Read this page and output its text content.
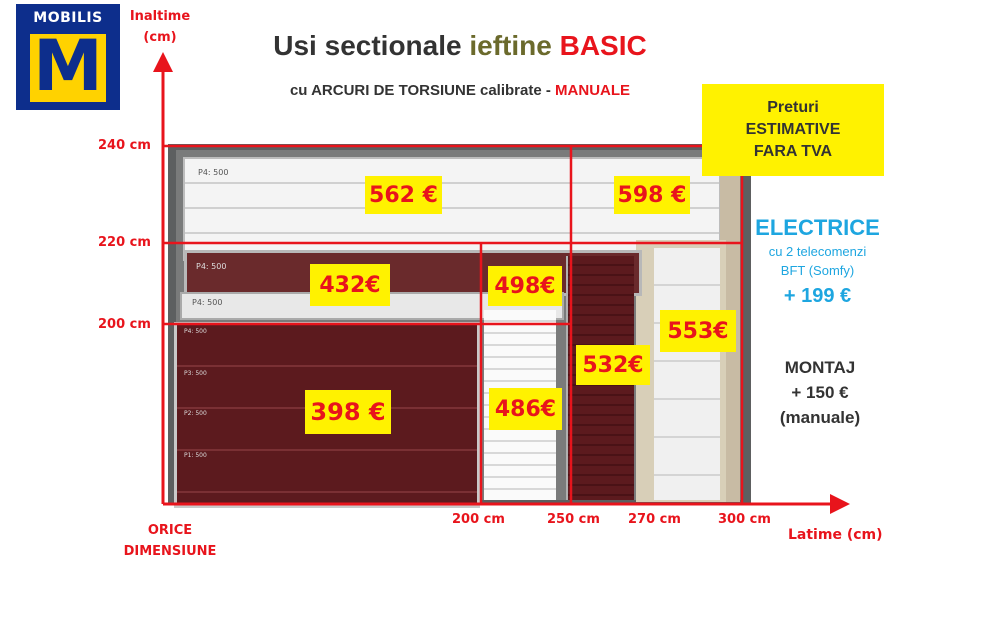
MOBILIS
M	Usi sectionale ieftine BASIC
cu ARCURI DE TORSIUNE calibrate - MANUALE
P4: 500
P4: 500
P4: 500
P4: 500
P3: 500
P2: 500
P1: 500
Inaltime
(cm)
Latime (cm)
ORICE
DIMENSIUNE
240 cm
220 cm
200 cm
200 cm	250 cm 270 cm	300 cm
562 €	598 €
432€	498€
553€
532€
398 €	486€
Preturi
ESTIMATIVE
FARA TVA
ELECTRICE
cu 2 telecomenzi
BFT (Somfy)
+ 199 €
MONTAJ
+ 150 €
(manuale)
